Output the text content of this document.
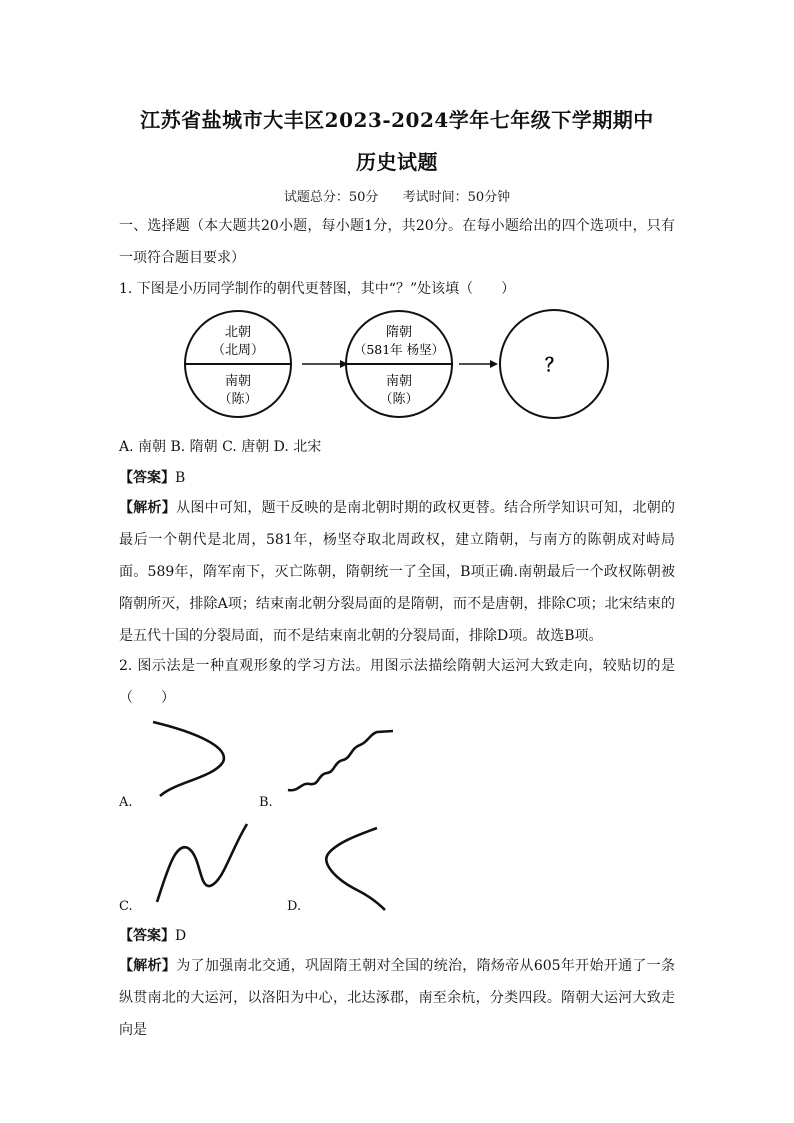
江苏省盐城市大丰区2023-2024学年七年级下学期期中
历史试题
试题总分：50分 考试时间：50分钟
一、选择题（本大题共20小题，每小题1分，共20分。在每小题给出的四个选项中，只有一项符合题目要求）
1. 下图是小历同学制作的朝代更替图，其中“？”处该填（　　）
北朝
（北周）
南朝
（陈）
隋朝
（581年 杨坚）
南朝
（陈）
？
A. 南朝 B. 隋朝 C. 唐朝 D. 北宋
【答案】B
【解析】从图中可知，题干反映的是南北朝时期的政权更替。结合所学知识可知，北朝的最后一个朝代是北周，581年，杨坚夺取北周政权，建立隋朝，与南方的陈朝成对峙局面。589年，隋军南下，灭亡陈朝，隋朝统一了全国，B项正确.南朝最后一个政权陈朝被隋朝所灭，排除A项；结束南北朝分裂局面的是隋朝，而不是唐朝，排除C项；北宋结束的是五代十国的分裂局面，而不是结束南北朝的分裂局面，排除D项。故选B项。
2. 图示法是一种直观形象的学习方法。用图示法描绘隋朝大运河大致走向，较贴切的是（　　）
A.	B.
C.	D.
【答案】D
【解析】为了加强南北交通，巩固隋王朝对全国的统治，隋炀帝从605年开始开通了一条纵贯南北的大运河，以洛阳为中心，北达涿郡，南至余杭，分类四段。隋朝大运河大致走向是
